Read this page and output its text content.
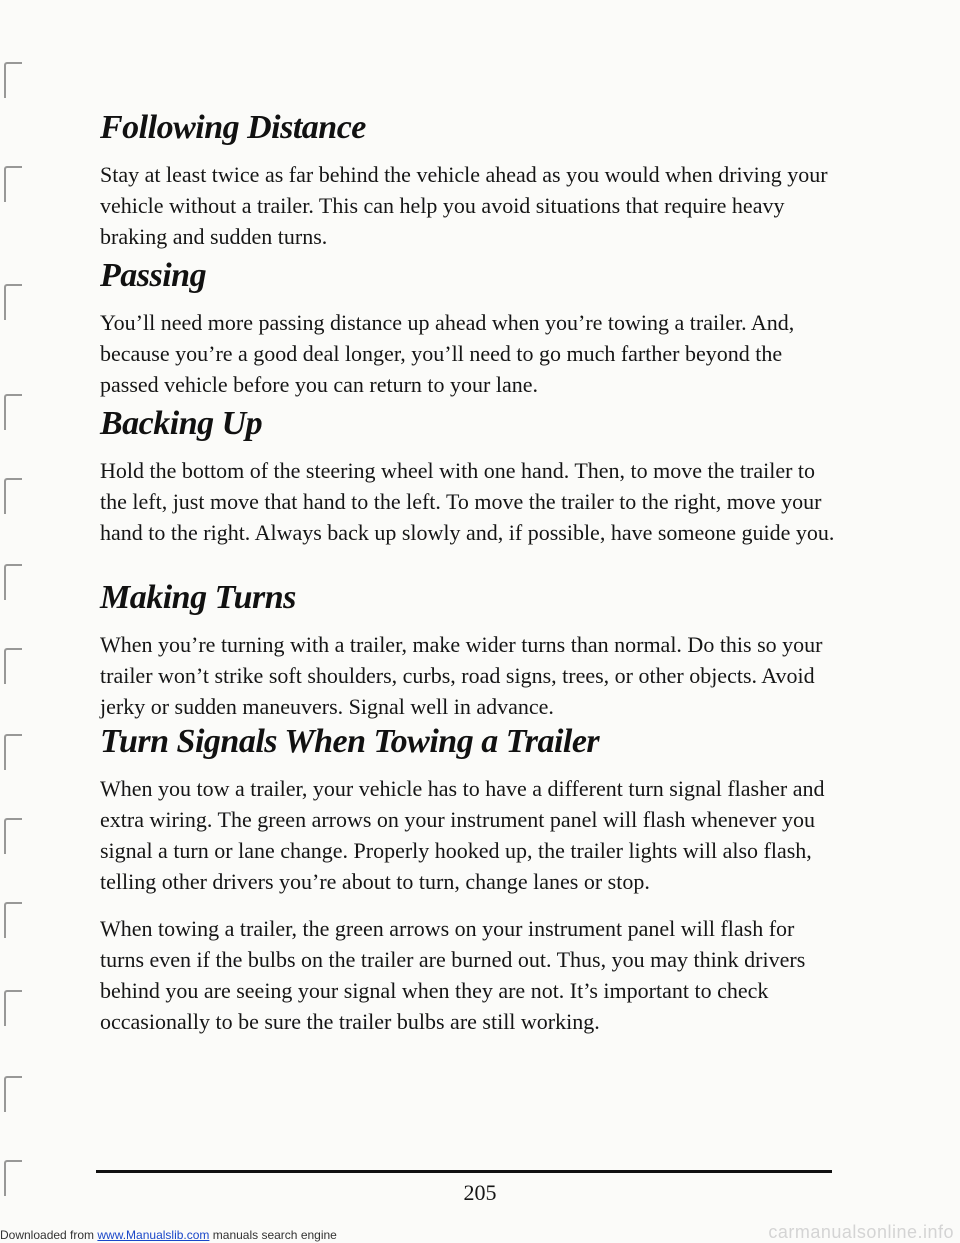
Following Distance

Stay at least twice as far behind the vehicle ahead as you would when driving your vehicle without a trailer. This can help you avoid situations that require heavy braking and sudden turns.

Passing

You’ll need more passing distance up ahead when you’re towing a trailer. And, because you’re a good deal longer, you’ll need to go much farther beyond the passed vehicle before you can return to your lane.

Backing Up

Hold the bottom of the steering wheel with one hand. Then, to move the trailer to the left, just move that hand to the left. To move the trailer to the right, move your hand to the right. Always back up slowly and, if possible, have someone guide you.

Making Turns

When you’re turning with a trailer, make wider turns than normal. Do this so your trailer won’t strike soft shoulders, curbs, road signs, trees, or other objects. Avoid jerky or sudden maneuvers. Signal well in advance.

Turn Signals When Towing a Trailer

When you tow a trailer, your vehicle has to have a different turn signal flasher and extra wiring. The green arrows on your instrument panel will flash whenever you signal a turn or lane change. Properly hooked up, the trailer lights will also flash, telling other drivers you’re about to turn, change lanes or stop.

When towing a trailer, the green arrows on your instrument panel will flash for turns even if the bulbs on the trailer are burned out. Thus, you may think drivers behind you are seeing your signal when they are not. It’s important to check occasionally to be sure the trailer bulbs are still working.

205
Downloaded from www.Manualslib.com manuals search engine	carmanualsonline.info
